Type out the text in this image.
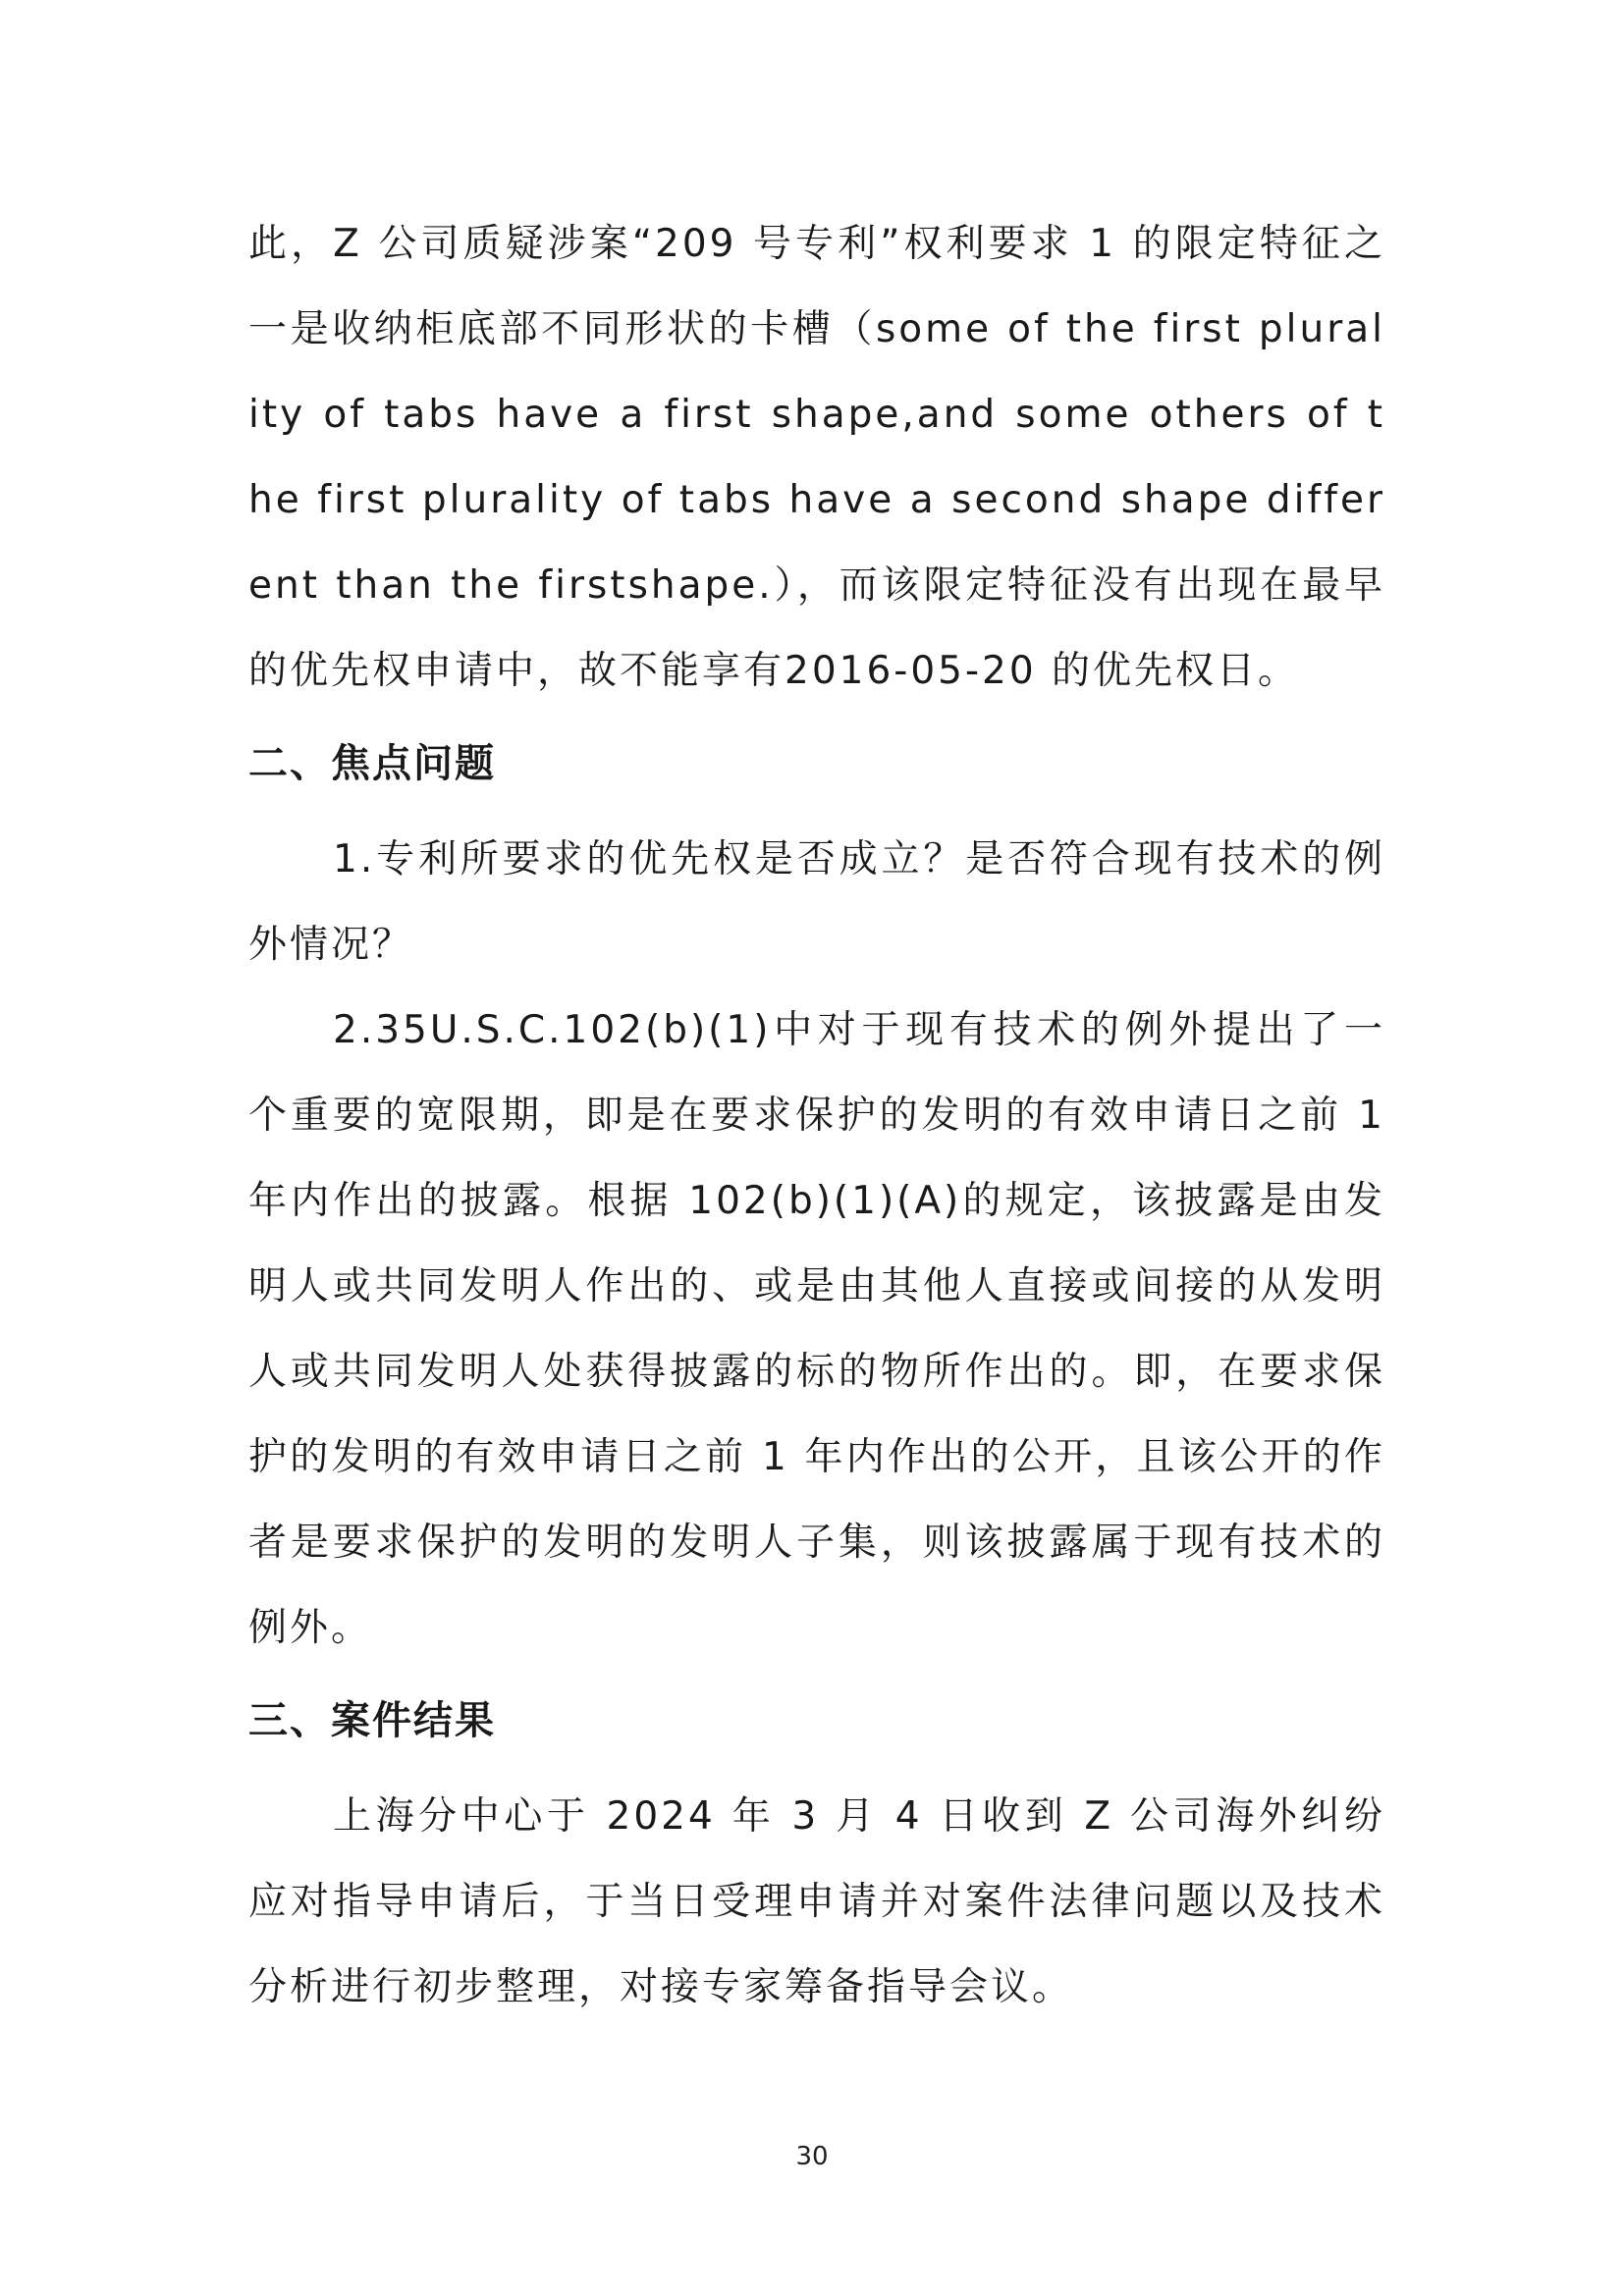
此，Z 公司质疑涉案“209 号专利”权利要求 1 的限定特征之一是收纳柜底部不同形状的卡槽（some of the first plurality of tabs have a first shape,and some others of the first plurality of tabs have a second shape different than the firstshape.），而该限定特征没有出现在最早的优先权申请中，故不能享有2016-05-20 的优先权日。

二、焦点问题

1.专利所要求的优先权是否成立？是否符合现有技术的例外情况？

2.35U.S.C.102(b)(1)中对于现有技术的例外提出了一个重要的宽限期，即是在要求保护的发明的有效申请日之前 1 年内作出的披露。根据 102(b)(1)(A)的规定，该披露是由发明人或共同发明人作出的、或是由其他人直接或间接的从发明人或共同发明人处获得披露的标的物所作出的。即，在要求保护的发明的有效申请日之前 1 年内作出的公开，且该公开的作者是要求保护的发明的发明人子集，则该披露属于现有技术的例外。

三、案件结果

上海分中心于 2024 年 3 月 4 日收到 Z 公司海外纠纷应对指导申请后，于当日受理申请并对案件法律问题以及技术分析进行初步整理，对接专家筹备指导会议。

30
